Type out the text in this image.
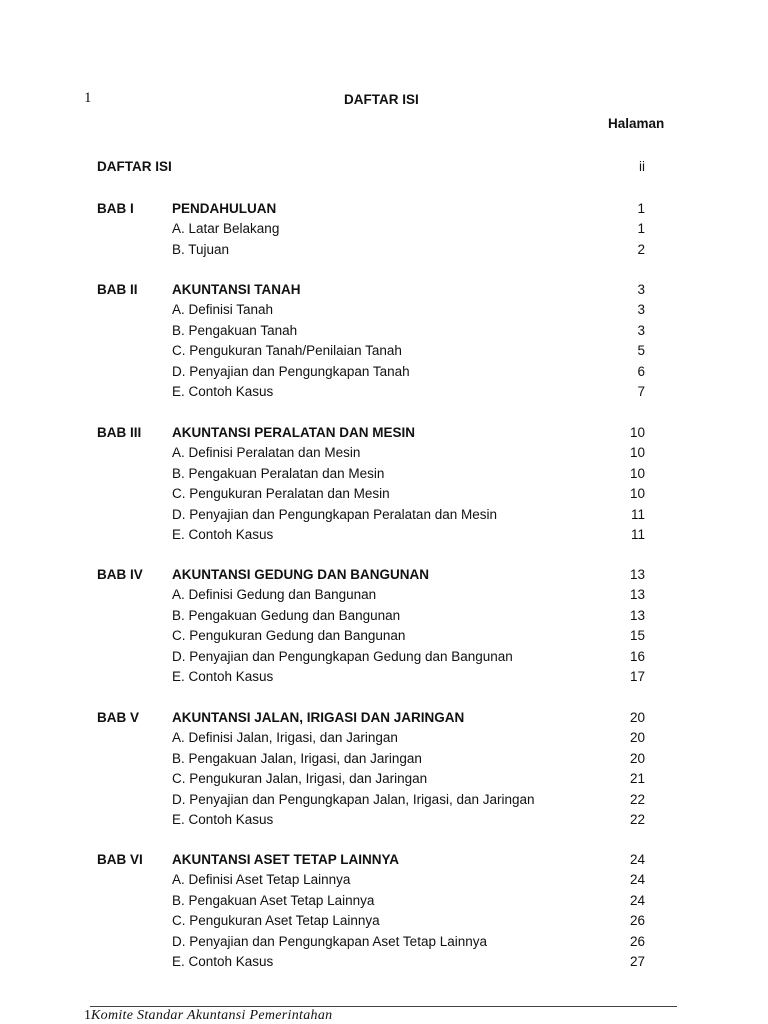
1	DAFTAR ISI
Halaman
DAFTAR ISI	ii
BAB I	PENDAHULUAN	1
A. Latar Belakang	1
B. Tujuan	2
BAB II	AKUNTANSI TANAH	3
A. Definisi Tanah	3
B. Pengakuan Tanah	3
C. Pengukuran Tanah/Penilaian Tanah	5
D. Penyajian dan Pengungkapan Tanah	6
E. Contoh Kasus	7
BAB III AKUNTANSI PERALATAN DAN MESIN	10
A. Definisi Peralatan dan Mesin	10
B. Pengakuan Peralatan dan Mesin	10
C. Pengukuran Peralatan dan Mesin	10
D. Penyajian dan Pengungkapan Peralatan dan Mesin	11
E. Contoh Kasus	11
BAB IV AKUNTANSI GEDUNG DAN BANGUNAN	13
A. Definisi Gedung dan Bangunan	13
B. Pengakuan Gedung dan Bangunan	13
C. Pengukuran Gedung dan Bangunan	15
D. Penyajian dan Pengungkapan Gedung dan Bangunan	16
E. Contoh Kasus	17
BAB V AKUNTANSI JALAN, IRIGASI DAN JARINGAN	20
A. Definisi Jalan, Irigasi, dan Jaringan	20
B. Pengakuan Jalan, Irigasi, dan Jaringan	20
C. Pengukuran Jalan, Irigasi, dan Jaringan	21
D. Penyajian dan Pengungkapan Jalan, Irigasi, dan Jaringan	22
E. Contoh Kasus	22
BAB VI AKUNTANSI ASET TETAP LAINNYA	24
A. Definisi Aset Tetap Lainnya	24
B. Pengakuan Aset Tetap Lainnya	24
C. Pengukuran Aset Tetap Lainnya	26
D. Penyajian dan Pengungkapan Aset Tetap Lainnya	26
E. Contoh Kasus	27
1Komite Standar Akuntansi Pemerintahan
